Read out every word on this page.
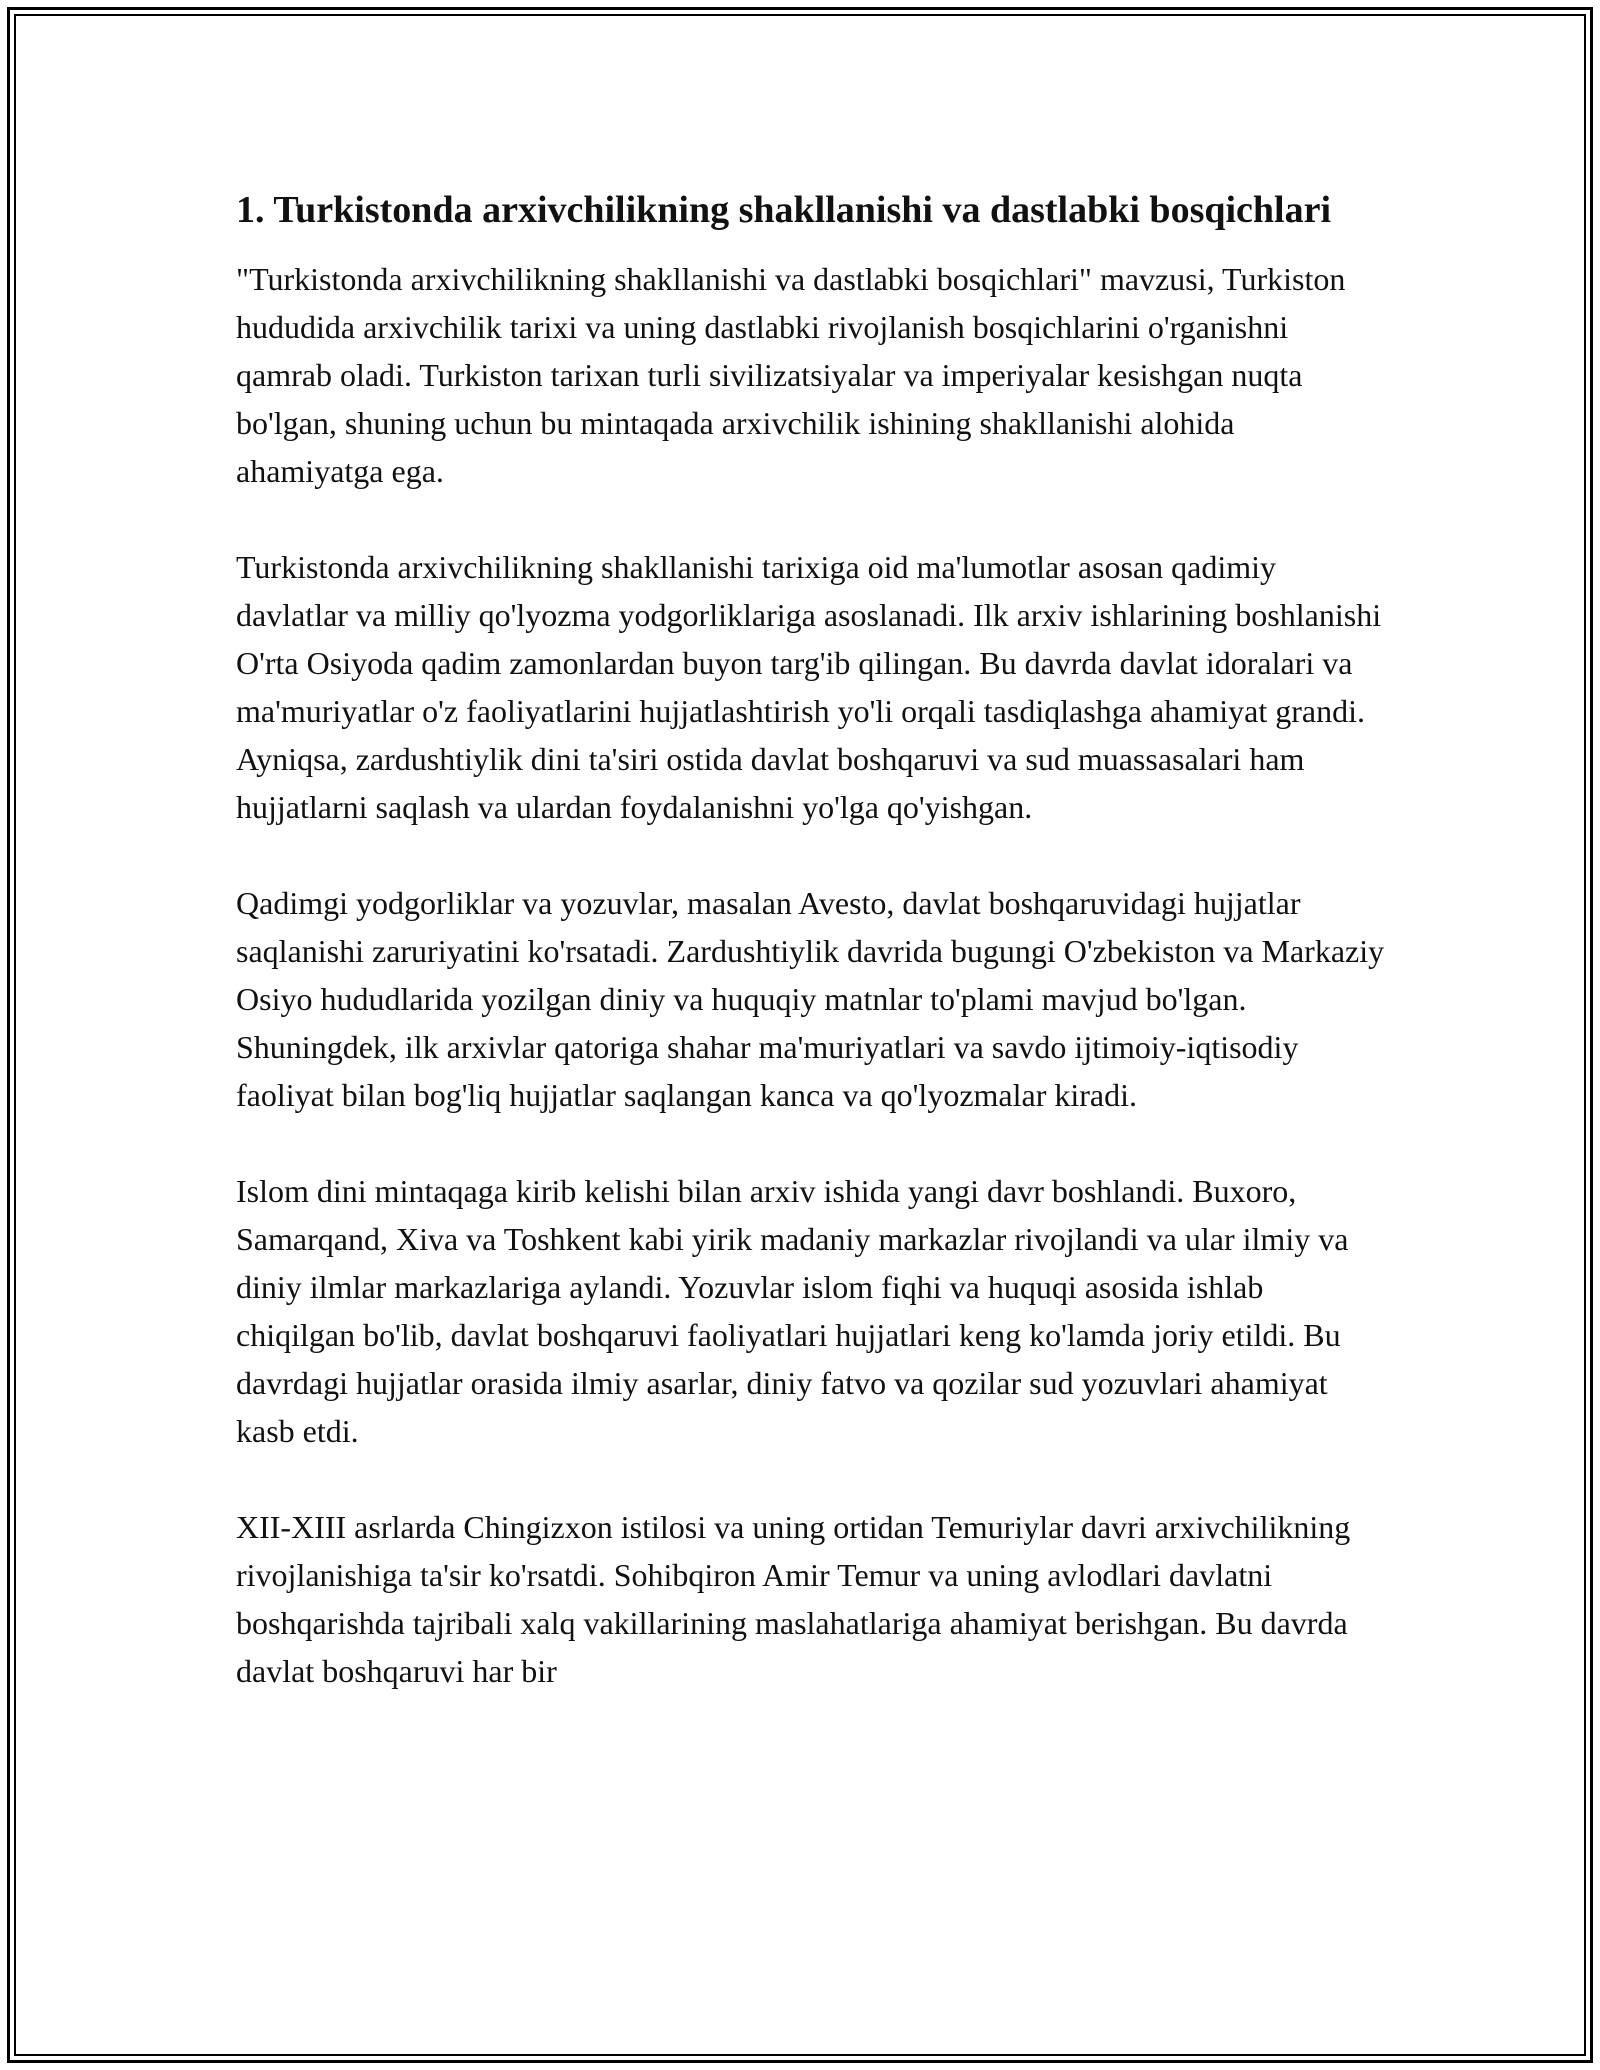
1. Turkistonda arxivchilikning shakllanishi va dastlabki bosqichlari

"Turkistonda arxivchilikning shakllanishi va dastlabki bosqichlari" mavzusi, Turkiston hududida arxivchilik tarixi va uning dastlabki rivojlanish bosqichlarini o'rganishni qamrab oladi. Turkiston tarixan turli sivilizatsiyalar va imperiyalar kesishgan nuqta bo'lgan, shuning uchun bu mintaqada arxivchilik ishining shakllanishi alohida ahamiyatga ega.

Turkistonda arxivchilikning shakllanishi tarixiga oid ma'lumotlar asosan qadimiy davlatlar va milliy qo'lyozma yodgorliklariga asoslanadi. Ilk arxiv ishlarining boshlanishi O'rta Osiyoda qadim zamonlardan buyon targ'ib qilingan. Bu davrda davlat idoralari va ma'muriyatlar o'z faoliyatlarini hujjatlashtirish yo'li orqali tasdiqlashga ahamiyat grandi. Ayniqsa, zardushtiylik dini ta'siri ostida davlat boshqaruvi va sud muassasalari ham hujjatlarni saqlash va ulardan foydalanishni yo'lga qo'yishgan.

Qadimgi yodgorliklar va yozuvlar, masalan Avesto, davlat boshqaruvidagi hujjatlar saqlanishi zaruriyatini ko'rsatadi. Zardushtiylik davrida bugungi O'zbekiston va Markaziy Osiyo hududlarida yozilgan diniy va huquqiy matnlar to'plami mavjud bo'lgan. Shuningdek, ilk arxivlar qatoriga shahar ma'muriyatlari va savdo ijtimoiy-iqtisodiy faoliyat bilan bog'liq hujjatlar saqlangan kanca va qo'lyozmalar kiradi.

Islom dini mintaqaga kirib kelishi bilan arxiv ishida yangi davr boshlandi. Buxoro, Samarqand, Xiva va Toshkent kabi yirik madaniy markazlar rivojlandi va ular ilmiy va diniy ilmlar markazlariga aylandi. Yozuvlar islom fiqhi va huquqi asosida ishlab chiqilgan bo'lib, davlat boshqaruvi faoliyatlari hujjatlari keng ko'lamda joriy etildi. Bu davrdagi hujjatlar orasida ilmiy asarlar, diniy fatvo va qozilar sud yozuvlari ahamiyat kasb etdi.

XII-XIII asrlarda Chingizxon istilosi va uning ortidan Temuriylar davri arxivchilikning rivojlanishiga ta'sir ko'rsatdi. Sohibqiron Amir Temur va uning avlodlari davlatni boshqarishda tajribali xalq vakillarining maslahatlariga ahamiyat berishgan. Bu davrda davlat boshqaruvi har bir
